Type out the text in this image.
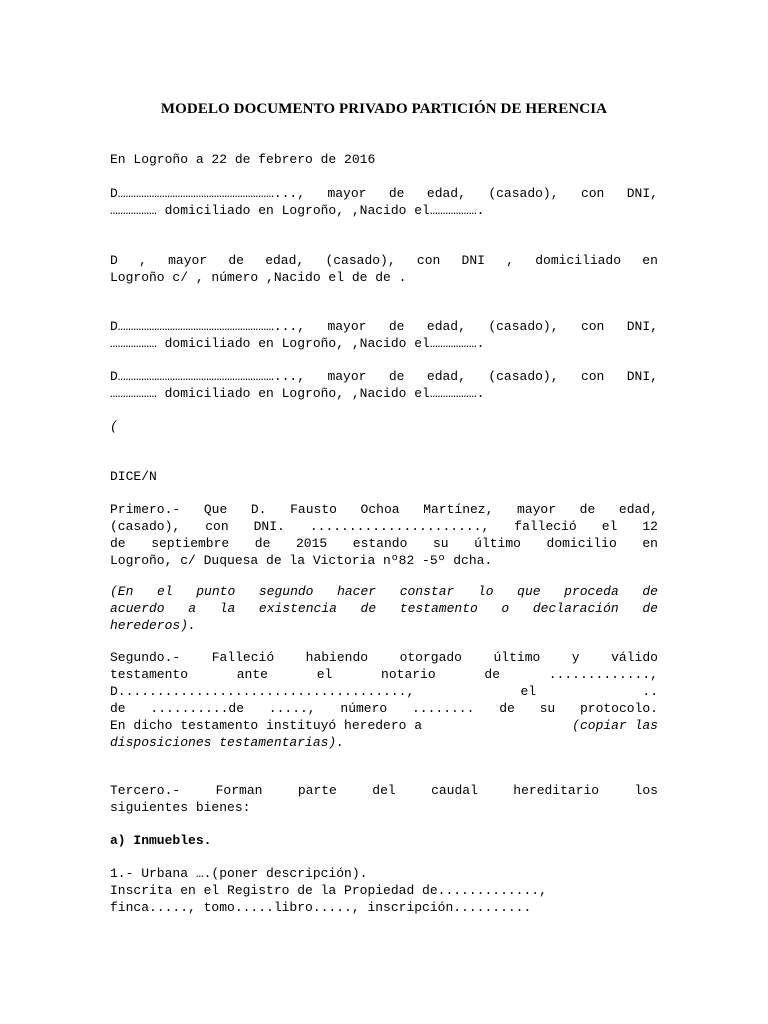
MODELO DOCUMENTO PRIVADO PARTICIÓN DE HERENCIA
En Logroño a 22 de febrero de 2016
D……………………………………………………..., mayor de edad, (casado), con DNI,
……………… domiciliado en Logroño, ,Nacido el……………….
D , mayor de edad, (casado), con DNI , domiciliado en
Logroño c/ , número ,Nacido el de de .
D……………………………………………………..., mayor de edad, (casado), con DNI,
……………… domiciliado en Logroño, ,Nacido el……………….
D……………………………………………………..., mayor de edad, (casado), con DNI,
……………… domiciliado en Logroño, ,Nacido el……………….
(
DICE/N
Primero.- Que D. Fausto Ochoa Martínez, mayor de edad,
(casado), con DNI. ......................, falleció el 12
de septiembre de 2015 estando su último domicilio en
Logroño, c/ Duquesa de la Victoria nº82 -5º dcha.
(En el punto segundo hacer constar lo que proceda de
acuerdo a la existencia de testamento o declaración de
herederos).
Segundo.- Falleció habiendo otorgado último y válido
testamento	ante	el	notario	de	.............,
D.....................................,	el	..
de ..........de ....., número ........ de su protocolo.
En dicho testamento instituyó heredero a	(copiar las
disposiciones testamentarias).
Tercero.-	Forman	parte	del	caudal	hereditario	los
siguientes bienes:
a) Inmuebles.
1.- Urbana ….(poner descripción).
Inscrita en el Registro de la Propiedad de.............,
finca....., tomo.....libro....., inscripción..........
